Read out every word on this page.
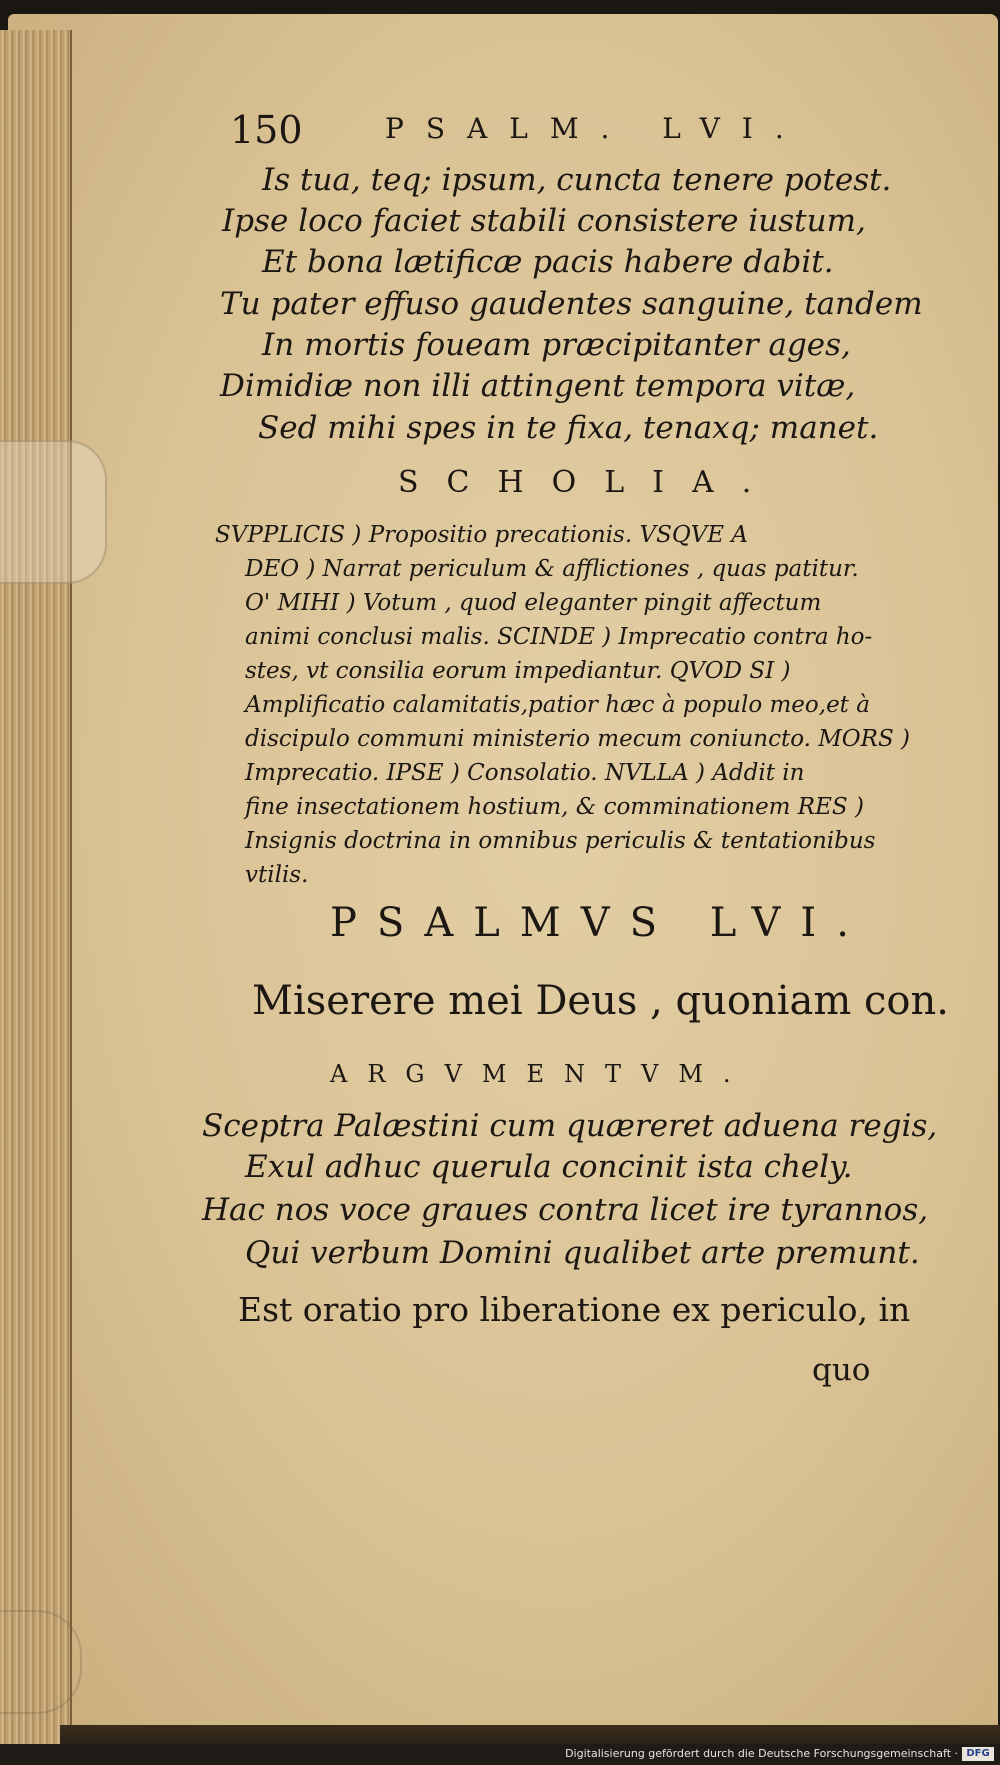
150	PSALM. LVI.
Is tua, teq; ipsum, cuncta tenere potest.
Ipse loco faciet stabili consistere iustum,
Et bona lætificæ pacis habere dabit.
Tu pater effuso gaudentes sanguine, tandem
In mortis foueam præcipitanter ages,
Dimidiæ non illi attingent tempora vitæ,
Sed mihi spes in te fixa, tenaxq; manet.
SCHOLIA.
SVPPLICIS ) Propositio precationis. VSQVE A
DEO ) Narrat periculum & afflictiones , quas patitur.
O' MIHI ) Votum , quod eleganter pingit affectum
animi conclusi malis. SCINDE ) Imprecatio contra ho-
stes, vt consilia eorum impediantur. QVOD SI )
Amplificatio calamitatis,patior hæc à populo meo,et à
discipulo communi ministerio mecum coniuncto. MORS )
Imprecatio. IPSE ) Consolatio. NVLLA ) Addit in
fine insectationem hostium, & comminationem RES )
Insignis doctrina in omnibus periculis & tentationibus
vtilis.
PSALMVS LVI.
Miserere mei Deus , quoniam con.
ARGVMENTVM.
Sceptra Palæstini cum quæreret aduena regis,
Exul adhuc querula concinit ista chely.
Hac nos voce graues contra licet ire tyrannos,
Qui verbum Domini qualibet arte premunt.
Est oratio pro liberatione ex periculo, in
quo
Digitalisierung gefördert durch die Deutsche Forschungsgemeinschaft · DFG
